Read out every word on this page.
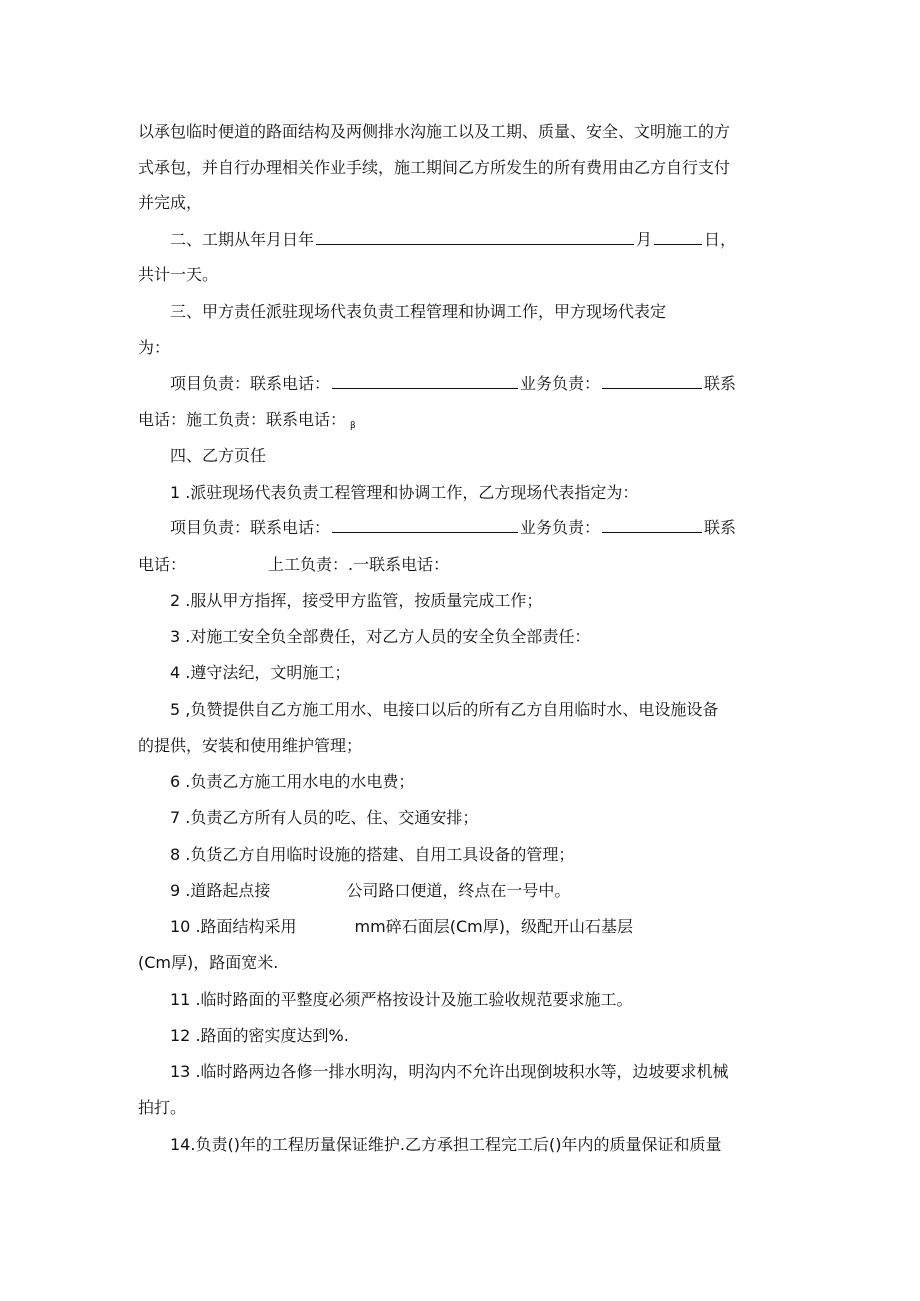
以承包临时便道的路面结构及两侧排水沟施工以及工期、质量、安全、文明施工的方
式承包，并自行办理相关作业手续，施工期间乙方所发生的所有费用由乙方自行支付
并完成，
二、工期从年月日年	月	日，
共计一天。
三、甲方责任派驻现场代表负责工程管理和协调工作，甲方现场代表定
为：
项目负责：联系电话：	业务负责：	联系
电话：施工负责：联系电话： β
四、乙方页任
1 .派驻现场代表负责工程管理和协调工作，乙方现场代表指定为：
项目负责：联系电话：	业务负责：	联系
电话：	上工负责：.一联系电话：
2 .服从甲方指挥，接受甲方监管，按质量完成工作；
3 .对施工安全负全部费任，对乙方人员的安全负全部责任：
4 .遵守法纪，文明施工；
5 ,负赞提供自乙方施工用水、电接口以后的所有乙方自用临时水、电设施设备
的提供，安装和使用维护管理；
6 .负责乙方施工用水电的水电费；
7 .负责乙方所有人员的吃、住、交通安排；
8 .负货乙方自用临时设施的搭建、自用工具设备的管理；
9 .道路起点接	公司路口便道，终点在一号中。
10 .路面结构采用	mm碎石面层(Cm厚)，级配开山石基层
(Cm厚)，路面宽米.
11 .临时路面的平整度必须严格按设计及施工验收规范要求施工。
12 .路面的密实度达到%.
13 .临时路两边各修一排水明沟，明沟内不允许出现倒坡积水等，边坡要求机械
拍打。
14.负责()年的工程历量保证维护.乙方承担工程完工后()年内的质量保证和质量
